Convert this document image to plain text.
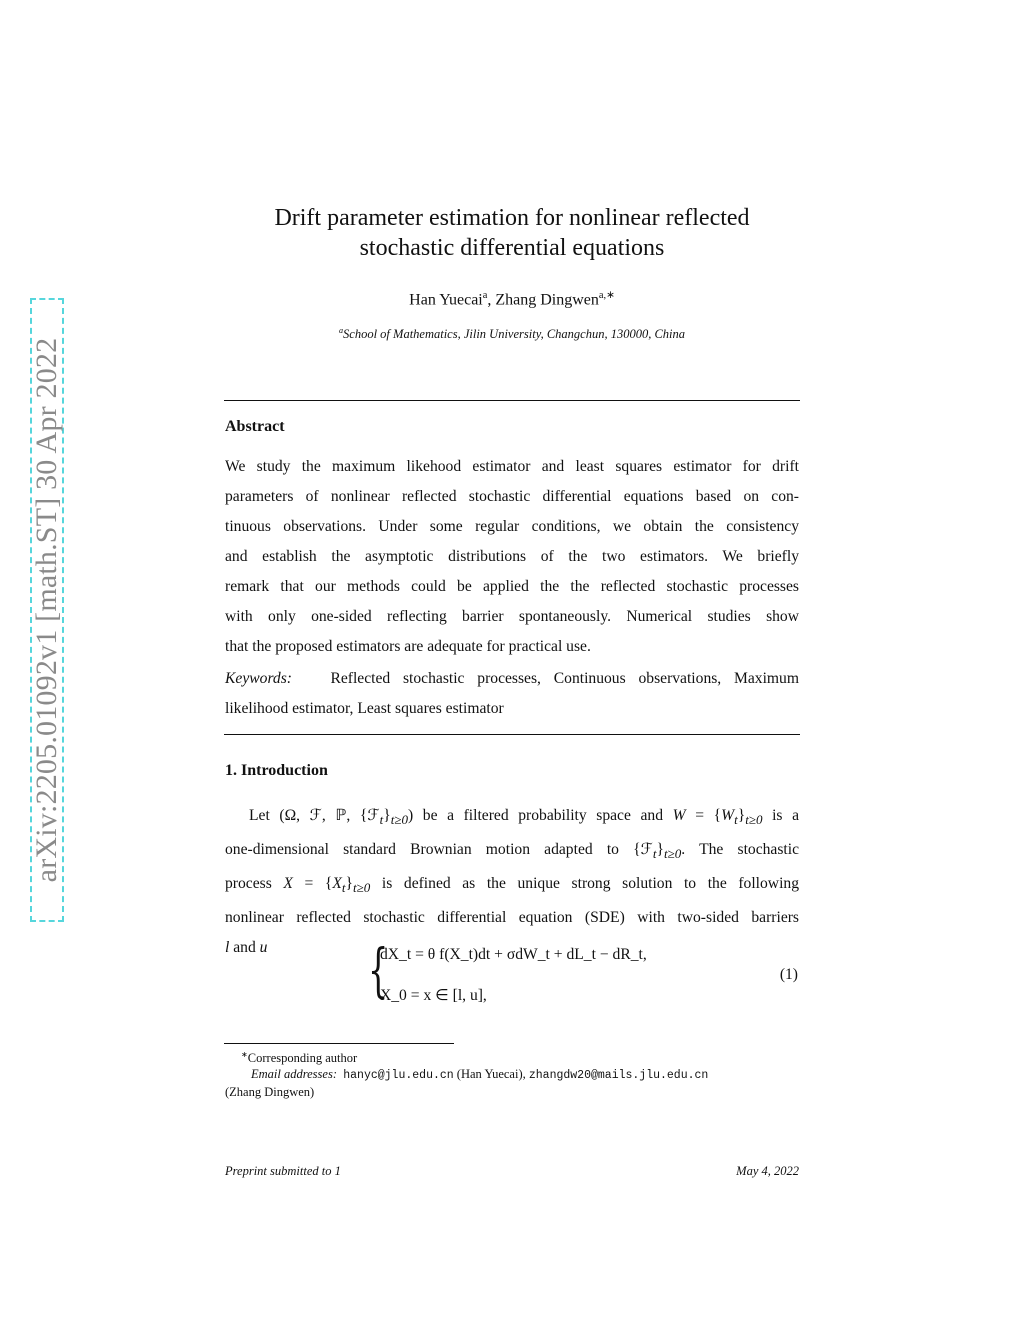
arXiv:2205.01092v1 [math.ST] 30 Apr 2022
Drift parameter estimation for nonlinear reflected
stochastic differential equations
Han Yuecai$^a$, Zhang Dingwen$^{a,∗}$
$^a$School of Mathematics, Jilin University, Changchun, 130000, China
Abstract
We study the maximum likehood estimator and least squares estimator for drift
parameters of nonlinear reflected stochastic differential equations based on con-
tinuous observations. Under some regular conditions, we obtain the consistency
and establish the asymptotic distributions of the two estimators. We briefly
remark that our methods could be applied the the reflected stochastic processes
with only one-sided reflecting barrier spontaneously. Numerical studies show
that the proposed estimators are adequate for practical use.
Keywords: Reflected stochastic processes, Continuous observations, Maximum
likelihood estimator, Least squares estimator
1. Introduction
Let (Ω, ℱ, ℙ, $\{ℱ_t\}_{t\ge 0}$) be a filtered probability space and $W = \{W_t\}_{t\ge 0}$ is a
one-dimensional standard Brownian motion adapted to $\{ℱ_t\}_{t\ge 0}$. The stochastic
process $X = \{X_t\}_{t\ge 0}$ is defined as the unique strong solution to the following
nonlinear reflected stochastic differential equation (SDE) with two-sided barriers
l and u	{
dX_t = θ f(X_t)dt + σdW_t + dL_t − dR_t,
X_0 = x ∈ [l, u],
(1)
∗Corresponding author
Email addresses: hanyc@jlu.edu.cn (Han Yuecai), zhangdw20@mails.jlu.edu.cn
(Zhang Dingwen)
Preprint submitted to 1	May 4, 2022
